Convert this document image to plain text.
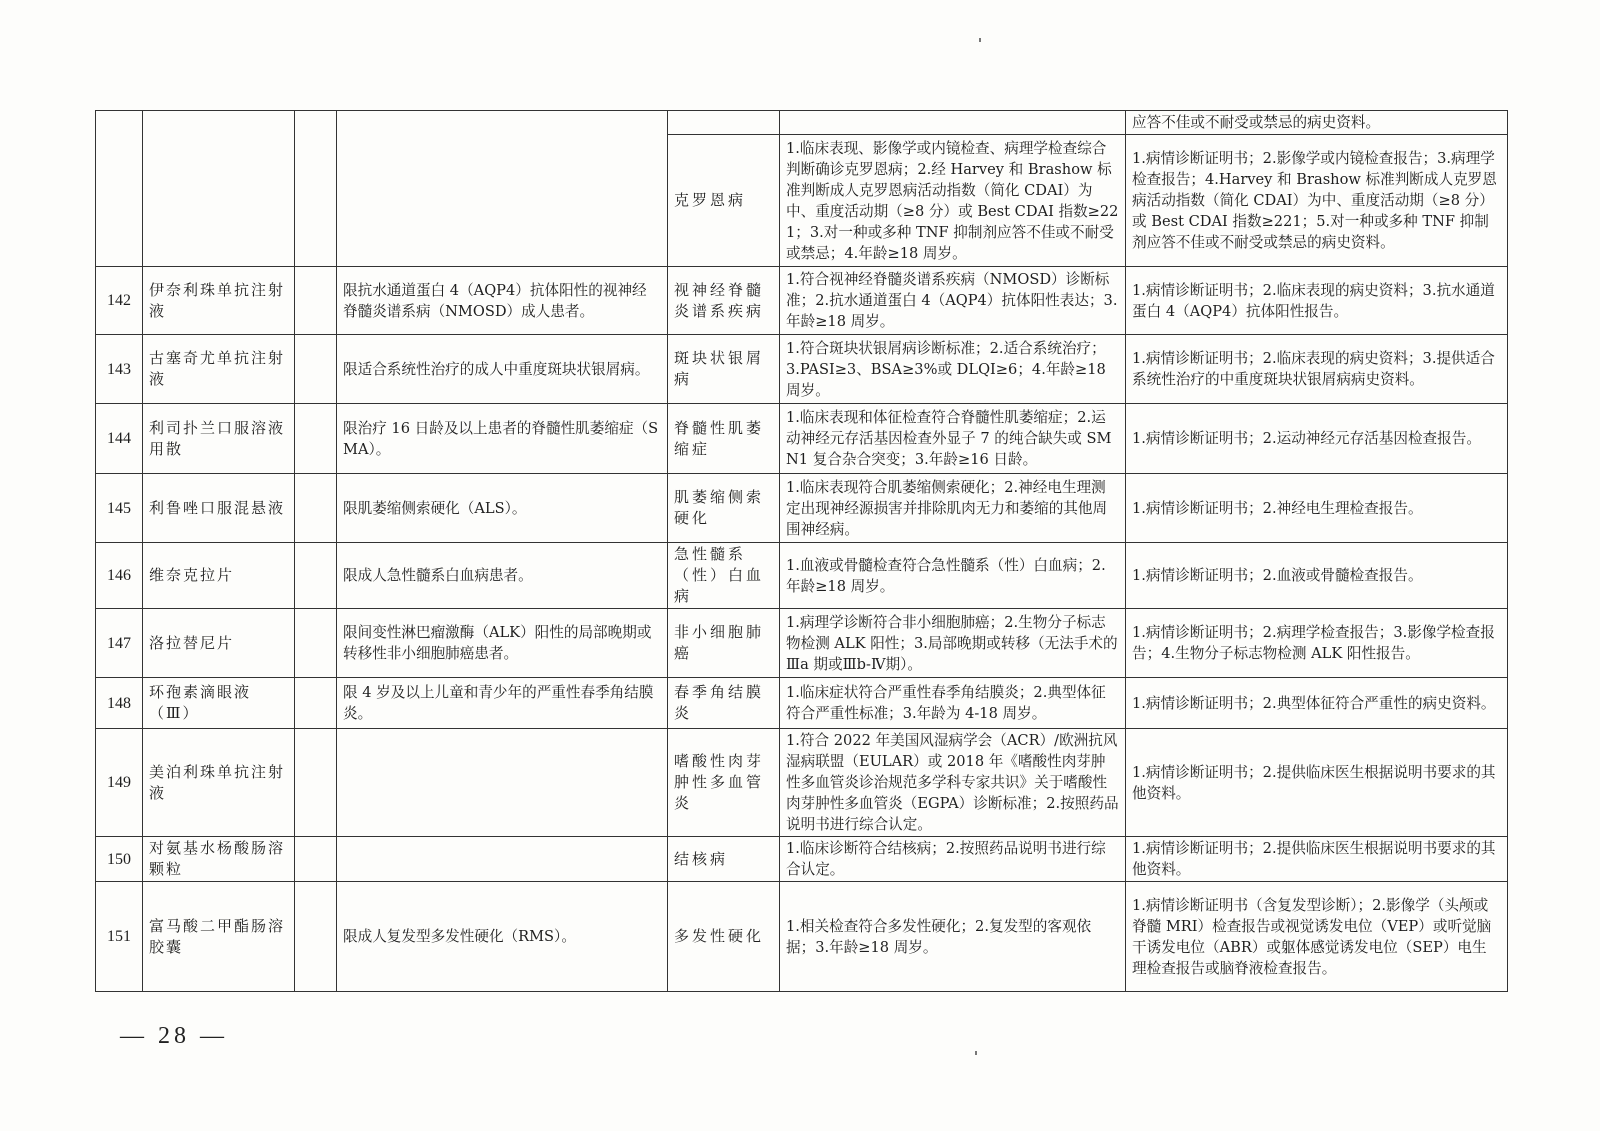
						应答不佳或不耐受或禁忌的病史资料。
				克罗恩病	1.临床表现、影像学或内镜检查、病理学检查综合判断确诊克罗恩病；2.经 Harvey 和 Brashow 标准判断成人克罗恩病活动指数（简化 CDAI）为中、重度活动期（≥8 分）或 Best CDAI 指数≥221；3.对一种或多种 TNF 抑制剂应答不佳或不耐受或禁忌；4.年龄≥18 周岁。	1.病情诊断证明书；2.影像学或内镜检查报告；3.病理学检查报告；4.Harvey 和 Brashow 标准判断成人克罗恩病活动指数（简化 CDAI）为中、重度活动期（≥8 分）或 Best CDAI 指数≥221；5.对一种或多种 TNF 抑制剂应答不佳或不耐受或禁忌的病史资料。
142	伊奈利珠单抗注射液		限抗水通道蛋白 4（AQP4）抗体阳性的视神经脊髓炎谱系病（NMOSD）成人患者。	视神经脊髓炎谱系疾病	1.符合视神经脊髓炎谱系疾病（NMOSD）诊断标准；2.抗水通道蛋白 4（AQP4）抗体阳性表达；3.年龄≥18 周岁。	1.病情诊断证明书；2.临床表现的病史资料；3.抗水通道蛋白 4（AQP4）抗体阳性报告。
143	古塞奇尤单抗注射液		限适合系统性治疗的成人中重度斑块状银屑病。	斑块状银屑病	1.符合斑块状银屑病诊断标准；2.适合系统治疗；3.PASI≥3、BSA≥3%或 DLQI≥6；4.年龄≥18 周岁。	1.病情诊断证明书；2.临床表现的病史资料；3.提供适合系统性治疗的中重度斑块状银屑病病史资料。
144	利司扑兰口服溶液用散		限治疗 16 日龄及以上患者的脊髓性肌萎缩症（SMA）。	脊髓性肌萎缩症	1.临床表现和体征检查符合脊髓性肌萎缩症；2.运动神经元存活基因检查外显子 7 的纯合缺失或 SMN1 复合杂合突变；3.年龄≥16 日龄。	1.病情诊断证明书；2.运动神经元存活基因检查报告。
145	利鲁唑口服混悬液		限肌萎缩侧索硬化（ALS）。	肌萎缩侧索硬化	1.临床表现符合肌萎缩侧索硬化；2.神经电生理测定出现神经源损害并排除肌肉无力和萎缩的其他周围神经病。	1.病情诊断证明书；2.神经电生理检查报告。
146	维奈克拉片		限成人急性髓系白血病患者。	急性髓系（性）白血病	1.血液或骨髓检查符合急性髓系（性）白血病；2.年龄≥18 周岁。	1.病情诊断证明书；2.血液或骨髓检查报告。
147	洛拉替尼片		限间变性淋巴瘤激酶（ALK）阳性的局部晚期或转移性非小细胞肺癌患者。	非小细胞肺癌	1.病理学诊断符合非小细胞肺癌；2.生物分子标志物检测 ALK 阳性；3.局部晚期或转移（无法手术的Ⅲa 期或Ⅲb-Ⅳ期）。	1.病情诊断证明书；2.病理学检查报告；3.影像学检查报告；4.生物分子标志物检测 ALK 阳性报告。
148	环孢素滴眼液（Ⅲ）		限 4 岁及以上儿童和青少年的严重性春季角结膜炎。	春季角结膜炎	1.临床症状符合严重性春季角结膜炎；2.典型体征符合严重性标准；3.年龄为 4-18 周岁。	1.病情诊断证明书；2.典型体征符合严重性的病史资料。
149	美泊利珠单抗注射液			嗜酸性肉芽肿性多血管炎	1.符合 2022 年美国风湿病学会（ACR）/欧洲抗风湿病联盟（EULAR）或 2018 年《嗜酸性肉芽肿性多血管炎诊治规范多学科专家共识》关于嗜酸性肉芽肿性多血管炎（EGPA）诊断标准；2.按照药品说明书进行综合认定。	1.病情诊断证明书；2.提供临床医生根据说明书要求的其他资料。
150	对氨基水杨酸肠溶颗粒			结核病	1.临床诊断符合结核病；2.按照药品说明书进行综合认定。	1.病情诊断证明书；2.提供临床医生根据说明书要求的其他资料。
151	富马酸二甲酯肠溶胶囊		限成人复发型多发性硬化（RMS）。	多发性硬化	1.相关检查符合多发性硬化；2.复发型的客观依据；3.年龄≥18 周岁。	1.病情诊断证明书（含复发型诊断）；2.影像学（头颅或脊髓 MRI）检查报告或视觉诱发电位（VEP）或听觉脑干诱发电位（ABR）或躯体感觉诱发电位（SEP）电生理检查报告或脑脊液检查报告。
— 28 —
